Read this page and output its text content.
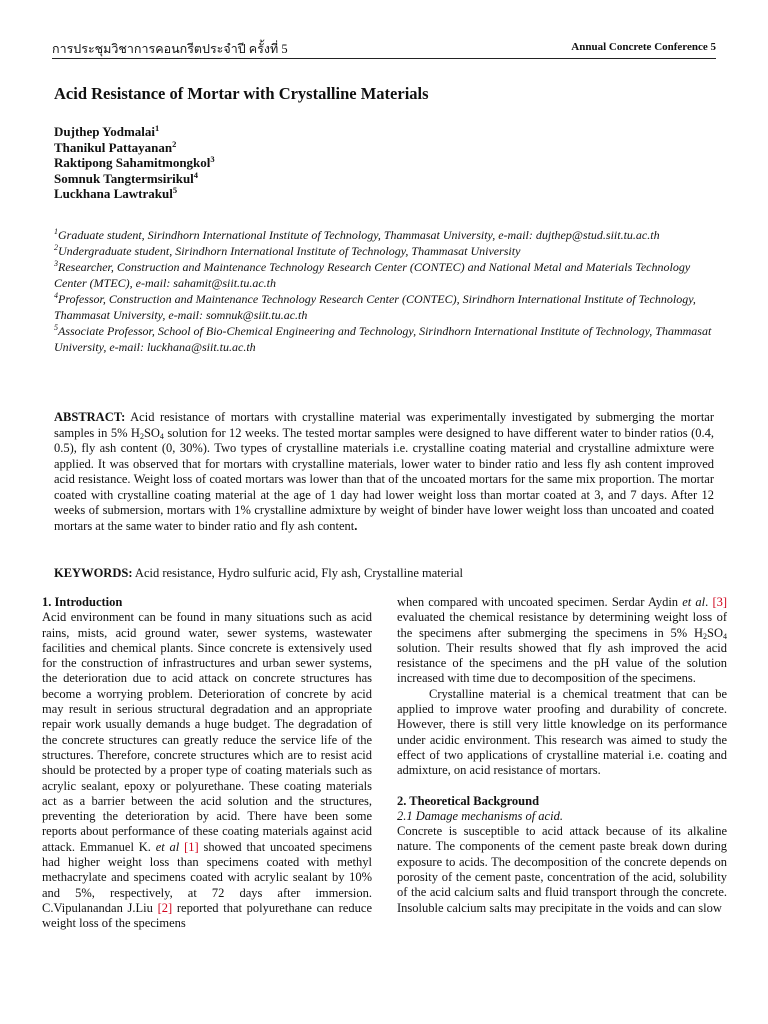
การประชุมวิชาการคอนกรีตประจำปี ครั้งที่ 5	Annual Concrete Conference 5
Acid Resistance of Mortar with Crystalline Materials
Dujthep Yodmalai$^1$
Thanikul Pattayanan$^2$
Raktipong Sahamitmongkol$^3$
Somnuk Tangtermsirikul$^4$
Luckhana Lawtrakul$^5$

$^1$Graduate student, Sirindhorn International Institute of Technology, Thammasat University, e-mail: dujthep@stud.siit.tu.ac.th

$^2$Undergraduate student, Sirindhorn International Institute of Technology, Thammasat University

$^3$Researcher, Construction and Maintenance Technology Research Center (CONTEC) and National Metal and Materials Technology Center (MTEC), e-mail: sahamit@siit.tu.ac.th

$^4$Professor, Construction and Maintenance Technology Research Center (CONTEC), Sirindhorn International Institute of Technology, Thammasat University, e-mail: somnuk@siit.tu.ac.th

$^5$Associate Professor, School of Bio-Chemical Engineering and Technology, Sirindhorn International Institute of Technology, Thammasat University, e-mail: luckhana@siit.tu.ac.th

ABSTRACT: Acid resistance of mortars with crystalline material was experimentally investigated by submerging the mortar samples in 5% $H_2SO_4$ solution for 12 weeks. The tested mortar samples were designed to have different water to binder ratios (0.4, 0.5), fly ash content (0, 30%). Two types of crystalline materials i.e. crystalline coating material and crystalline admixture were applied. It was observed that for mortars with crystalline materials, lower water to binder ratio and less fly ash content improved acid resistance. Weight loss of coated mortars was lower than that of the uncoated mortars for the same mix proportion. The mortar coated with crystalline coating material at the age of 1 day had lower weight loss than mortar coated at 3, and 7 days. After 12 weeks of submersion, mortars with 1% crystalline admixture by weight of binder have lower weight loss than uncoated and coated mortars at the same water to binder ratio and fly ash content.

KEYWORDS: Acid resistance, Hydro sulfuric acid, Fly ash, Crystalline material

1. Introduction

Acid environment can be found in many situations such as acid rains, mists, acid ground water, sewer systems, wastewater facilities and chemical plants. Since concrete is extensively used for the construction of infrastructures and urban sewer systems, the deterioration due to acid attack on concrete structures has become a worrying problem. Deterioration of concrete by acid may result in serious structural degradation and an appropriate repair work usually demands a huge budget. The degradation of the concrete structures can greatly reduce the service life of the structures. Therefore, concrete structures which are to resist acid should be protected by a proper type of coating materials such as acrylic sealant, epoxy or polyurethane. These coating materials act as a barrier between the acid solution and the structures, preventing the deterioration by acid. There have been some reports about performance of these coating materials against acid attack. Emmanuel K. et al [1] showed that uncoated specimens had higher weight loss than specimens coated with methyl methacrylate and specimens coated with acrylic sealant by 10% and 5%, respectively, at 72 days after immersion. C.Vipulanandan J.Liu [2] reported that polyurethane can reduce weight loss of the specimens

when compared with uncoated specimen. Serdar Aydin et al. [3] evaluated the chemical resistance by determining weight loss of the specimens after submerging the specimens in 5% $H_2SO_4$ solution. Their results showed that fly ash improved the acid resistance of the specimens and the pH value of the solution increased with time due to decomposition of the specimens.

Crystalline material is a chemical treatment that can be applied to improve water proofing and durability of concrete. However, there is still very little knowledge on its performance under acidic environment. This research was aimed to study the effect of two applications of crystalline material i.e. coating and admixture, on acid resistance of mortars.

2. Theoretical Background
2.1 Damage mechanisms of acid.

Concrete is susceptible to acid attack because of its alkaline nature. The components of the cement paste break down during exposure to acids. The decomposition of the concrete depends on porosity of the cement paste, concentration of the acid, solubility of the acid calcium salts and fluid transport through the concrete. Insoluble calcium salts may precipitate in the voids and can slow
